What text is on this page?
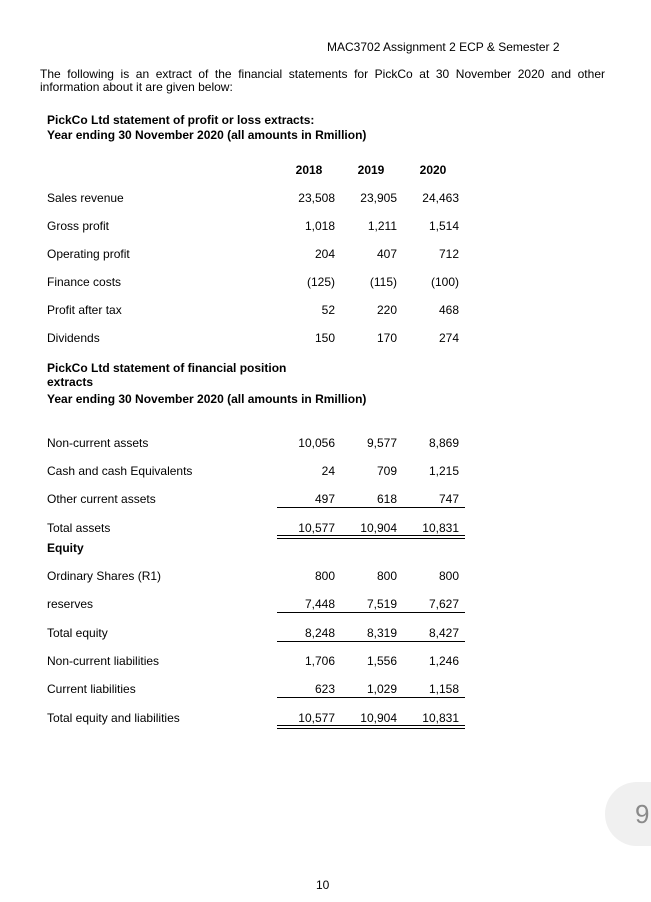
MAC3702 Assignment 2 ECP & Semester 2
The following is an extract of the financial statements for PickCo at 30 November 2020 and other information about it are given below:
PickCo Ltd statement of profit or loss extracts:
Year ending 30 November 2020 (all amounts in Rmillion)
2018	2019	2020
Sales revenue	23,508	23,905	24,463
Gross profit	1,018	1,211	1,514
Operating profit	204	407	712
Finance costs	(125)	(115)	(100)
Profit after tax	52	220	468
Dividends	150	170	274
PickCo Ltd statement of financial position
extracts
Year ending 30 November 2020 (all amounts in Rmillion)
Non-current assets	10,056	9,577	8,869
Cash and cash Equivalents	24	709	1,215
Other current assets	497	618	747
Total assets	10,577	10,904	10,831
Equity
Ordinary Shares (R1)	800	800	800
reserves	7,448	7,519	7,627
Total equity	8,248	8,319	8,427
Non-current liabilities	1,706	1,556	1,246
Current liabilities	623	1,029	1,158
Total equity and liabilities	10,577	10,904	10,831
9
10
